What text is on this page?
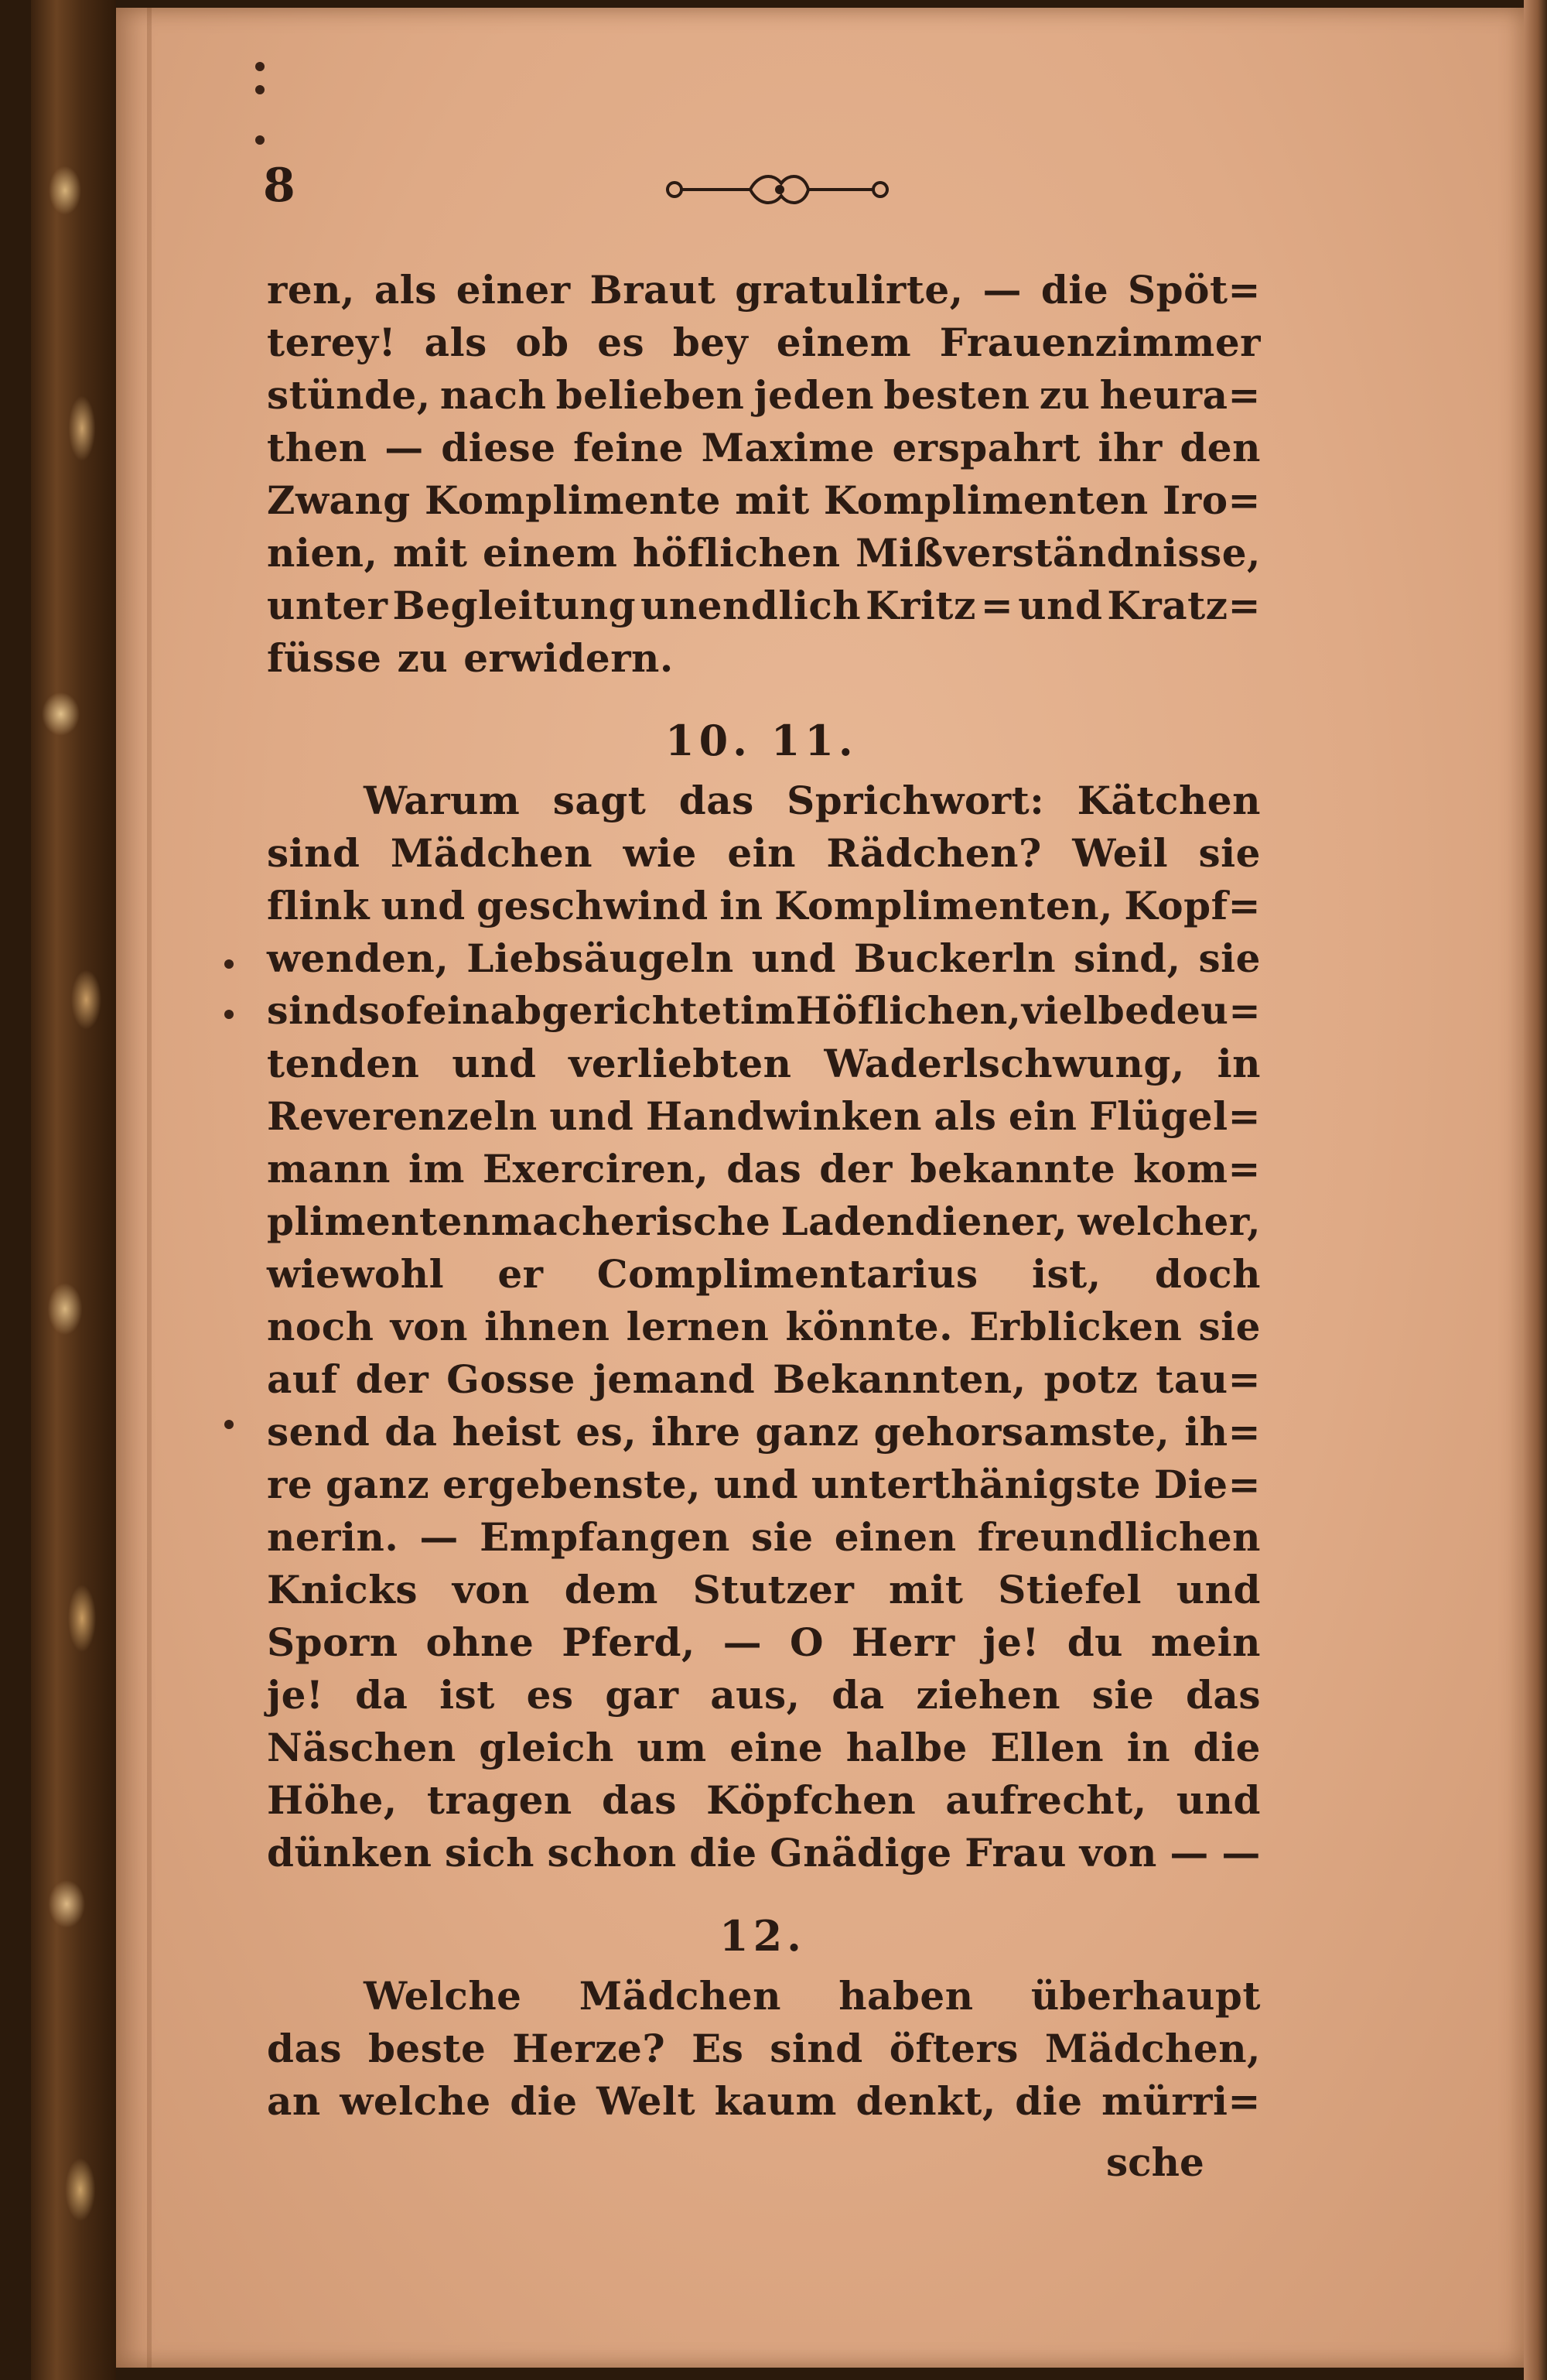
8
ren, als einer Braut gratulirte, — die Spöt=
terey! als ob es bey einem Frauenzimmer
stünde, nach belieben jeden besten zu heura=
then — diese feine Maxime erspahrt ihr den
Zwang Komplimente mit Komplimenten Iro=
nien, mit einem höflichen Mißverständnisse,
unter Begleitung unendlich Kritz = und Kratz=
füsse zu erwidern.
10. 11.
Warum sagt das Sprichwort: Kätchen
sind Mädchen wie ein Rädchen? Weil sie
flink und geschwind in Komplimenten, Kopf=
wenden, Liebsäugeln und Buckerln sind, sie
sind so fein abgerichtet im Höflichen, vielbedeu=
tenden und verliebten Waderlschwung, in
Reverenzeln und Handwinken als ein Flügel=
mann im Exerciren, das der bekannte kom=
plimentenmacherische Ladendiener, welcher,
wiewohl er Complimentarius ist, doch
noch von ihnen lernen könnte. Erblicken sie
auf der Gosse jemand Bekannten, potz tau=
send da heist es, ihre ganz gehorsamste, ih=
re ganz ergebenste, und unterthänigste Die=
nerin. — Empfangen sie einen freundlichen
Knicks von dem Stutzer mit Stiefel und
Sporn ohne Pferd, — O Herr je! du mein
je! da ist es gar aus, da ziehen sie das
Näschen gleich um eine halbe Ellen in die
Höhe, tragen das Köpfchen aufrecht, und
dünken sich schon die Gnädige Frau von — —
12.
Welche Mädchen haben überhaupt
das beste Herze? Es sind öfters Mädchen,
an welche die Welt kaum denkt, die mürri=
sche
